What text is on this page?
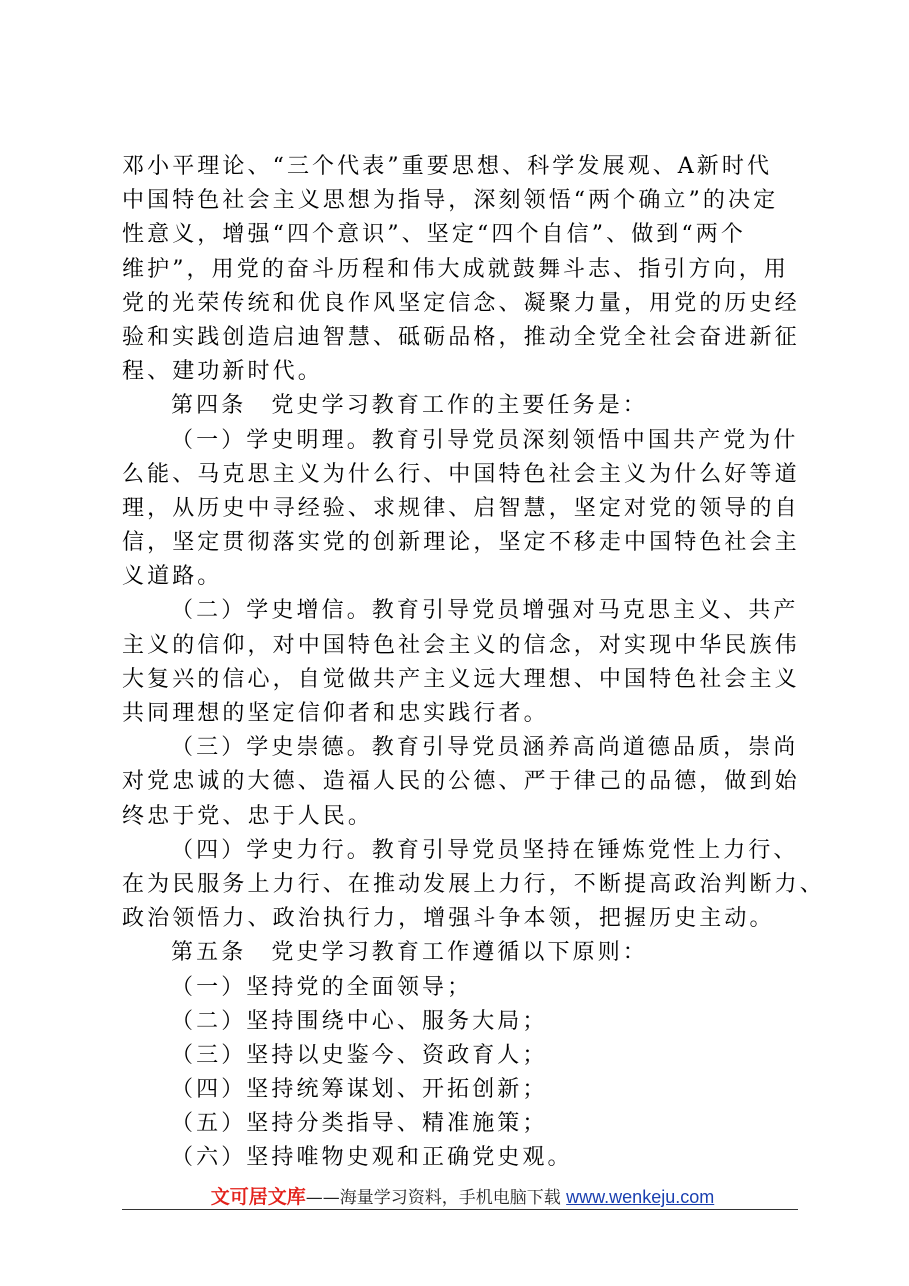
邓小平理论、“三个代表”重要思想、科学发展观、A新时代
中国特色社会主义思想为指导，深刻领悟“两个确立”的决定
性意义，增强“四个意识”、坚定“四个自信”、做到“两个
维护”，用党的奋斗历程和伟大成就鼓舞斗志、指引方向，用
党的光荣传统和优良作风坚定信念、凝聚力量，用党的历史经
验和实践创造启迪智慧、砥砺品格，推动全党全社会奋进新征
程、建功新时代。
第四条　党史学习教育工作的主要任务是：
（一）学史明理。教育引导党员深刻领悟中国共产党为什
么能、马克思主义为什么行、中国特色社会主义为什么好等道
理，从历史中寻经验、求规律、启智慧，坚定对党的领导的自
信，坚定贯彻落实党的创新理论，坚定不移走中国特色社会主
义道路。
（二）学史增信。教育引导党员增强对马克思主义、共产
主义的信仰，对中国特色社会主义的信念，对实现中华民族伟
大复兴的信心，自觉做共产主义远大理想、中国特色社会主义
共同理想的坚定信仰者和忠实践行者。
（三）学史崇德。教育引导党员涵养高尚道德品质，崇尚
对党忠诚的大德、造福人民的公德、严于律己的品德，做到始
终忠于党、忠于人民。
（四）学史力行。教育引导党员坚持在锤炼党性上力行、
在为民服务上力行、在推动发展上力行，不断提高政治判断力、
政治领悟力、政治执行力，增强斗争本领，把握历史主动。
第五条　党史学习教育工作遵循以下原则：
（一）坚持党的全面领导；
（二）坚持围绕中心、服务大局；
（三）坚持以史鉴今、资政育人；
（四）坚持统筹谋划、开拓创新；
（五）坚持分类指导、精准施策；
（六）坚持唯物史观和正确党史观。
文可居文库——海量学习资料，手机电脑下载 www.wenkeju.com
